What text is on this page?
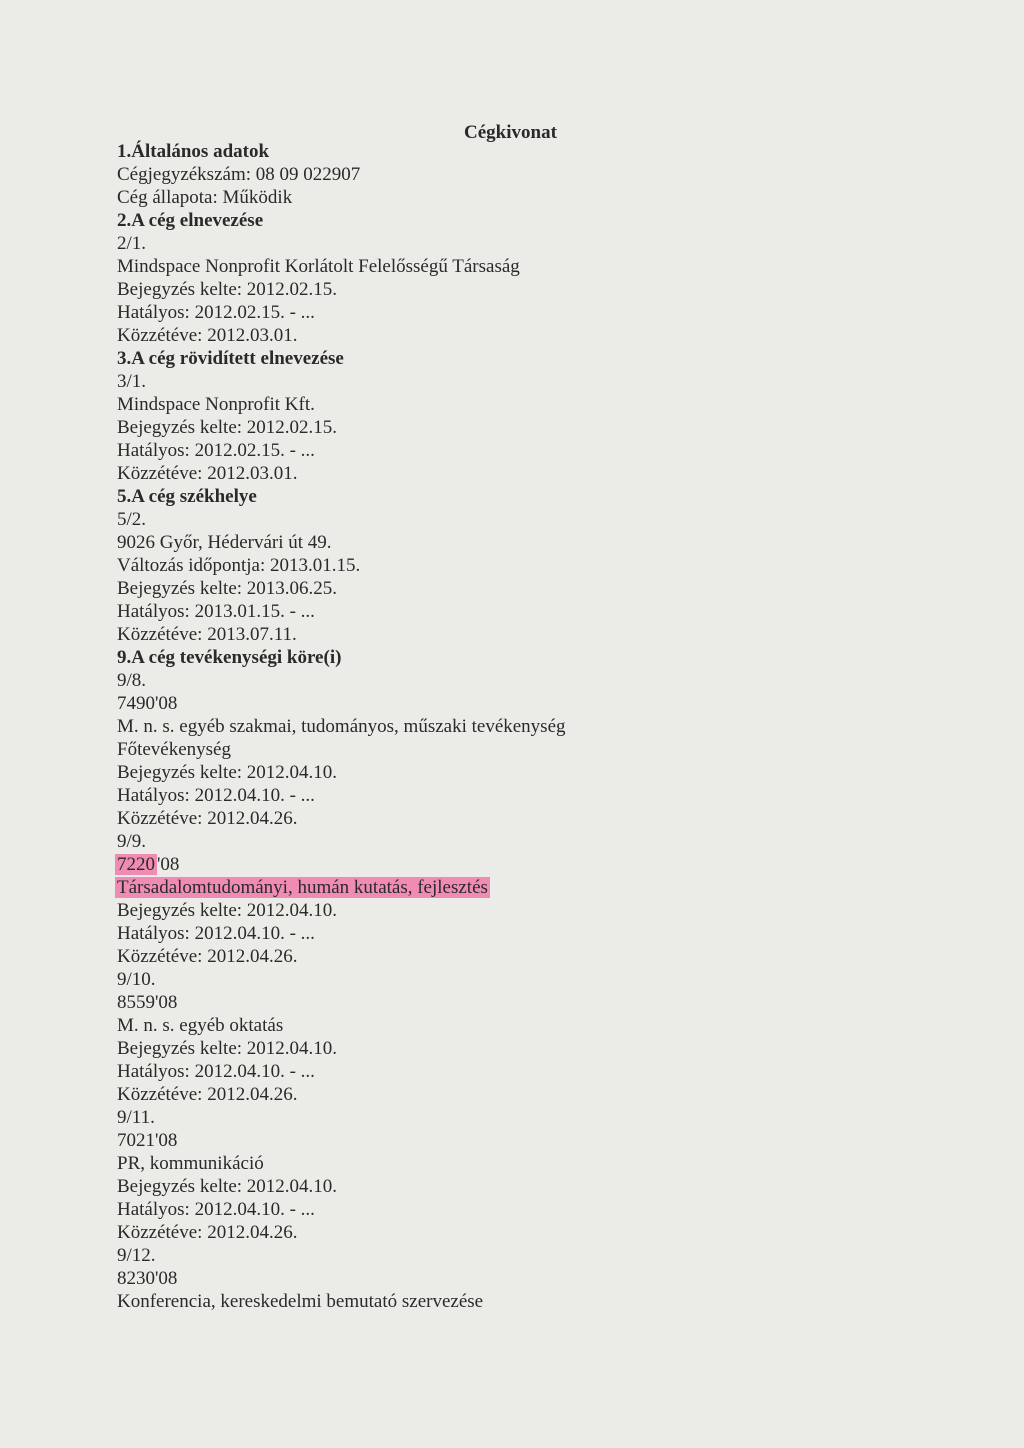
Cégkivonat
1.Általános adatok
Cégjegyzékszám: 08 09 022907
Cég állapota: Működik
2.A cég elnevezése
2/1.
Mindspace Nonprofit Korlátolt Felelősségű Társaság
Bejegyzés kelte: 2012.02.15.
Hatályos: 2012.02.15. - ...
Közzétéve: 2012.03.01.
3.A cég rövidített elnevezése
3/1.
Mindspace Nonprofit Kft.
Bejegyzés kelte: 2012.02.15.
Hatályos: 2012.02.15. - ...
Közzétéve: 2012.03.01.
5.A cég székhelye
5/2.
9026 Győr, Hédervári út 49.
Változás időpontja: 2013.01.15.
Bejegyzés kelte: 2013.06.25.
Hatályos: 2013.01.15. - ...
Közzétéve: 2013.07.11.
9.A cég tevékenységi köre(i)
9/8.
7490'08
M. n. s. egyéb szakmai, tudományos, műszaki tevékenység
Főtevékenység
Bejegyzés kelte: 2012.04.10.
Hatályos: 2012.04.10. - ...
Közzétéve: 2012.04.26.
9/9.
7220 '08
Társadalomtudományi, humán kutatás, fejlesztés
Bejegyzés kelte: 2012.04.10.
Hatályos: 2012.04.10. - ...
Közzétéve: 2012.04.26.
9/10.
8559'08
M. n. s. egyéb oktatás
Bejegyzés kelte: 2012.04.10.
Hatályos: 2012.04.10. - ...
Közzétéve: 2012.04.26.
9/11.
7021'08
PR, kommunikáció
Bejegyzés kelte: 2012.04.10.
Hatályos: 2012.04.10. - ...
Közzétéve: 2012.04.26.
9/12.
8230'08
Konferencia, kereskedelmi bemutató szervezése
